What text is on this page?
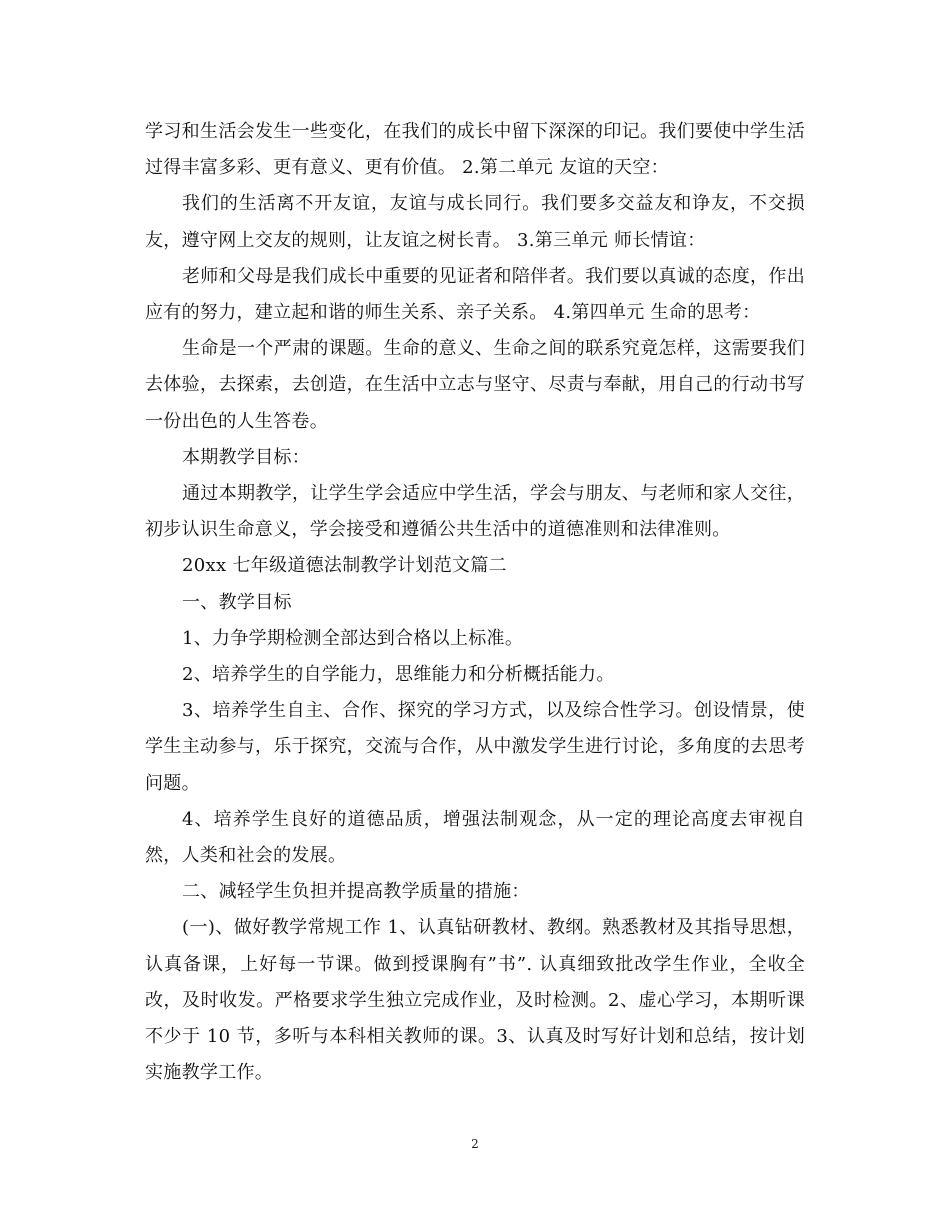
学习和生活会发生一些变化，在我们的成长中留下深深的印记。我们要使中学生活过得丰富多彩、更有意义、更有价值。 2.第二单元 友谊的天空：

我们的生活离不开友谊，友谊与成长同行。我们要多交益友和诤友，不交损友，遵守网上交友的规则，让友谊之树长青。 3.第三单元 师长情谊：

老师和父母是我们成长中重要的见证者和陪伴者。我们要以真诚的态度，作出应有的努力，建立起和谐的师生关系、亲子关系。 4.第四单元 生命的思考：

生命是一个严肃的课题。生命的意义、生命之间的联系究竟怎样，这需要我们去体验，去探索，去创造，在生活中立志与坚守、尽责与奉献，用自己的行动书写一份出色的人生答卷。

本期教学目标：

通过本期教学，让学生学会适应中学生活，学会与朋友、与老师和家人交往，初步认识生命意义，学会接受和遵循公共生活中的道德准则和法律准则。

20xx 七年级道德法制教学计划范文篇二

一、教学目标

1、力争学期检测全部达到合格以上标准。

2、培养学生的自学能力，思维能力和分析概括能力。

3、培养学生自主、合作、探究的学习方式，以及综合性学习。创设情景，使学生主动参与，乐于探究，交流与合作，从中激发学生进行讨论，多角度的去思考问题。

4、培养学生良好的道德品质，增强法制观念，从一定的理论高度去审视自然，人类和社会的发展。

二、减轻学生负担并提高教学质量的措施：

(一)、做好教学常规工作 1、认真钻研教材、教纲。熟悉教材及其指导思想，认真备课，上好每一节课。做到授课胸有”书”. 认真细致批改学生作业，全收全改，及时收发。严格要求学生独立完成作业，及时检测。2、虚心学习，本期听课不少于 10 节，多听与本科相关教师的课。3、认真及时写好计划和总结，按计划实施教学工作。

2
